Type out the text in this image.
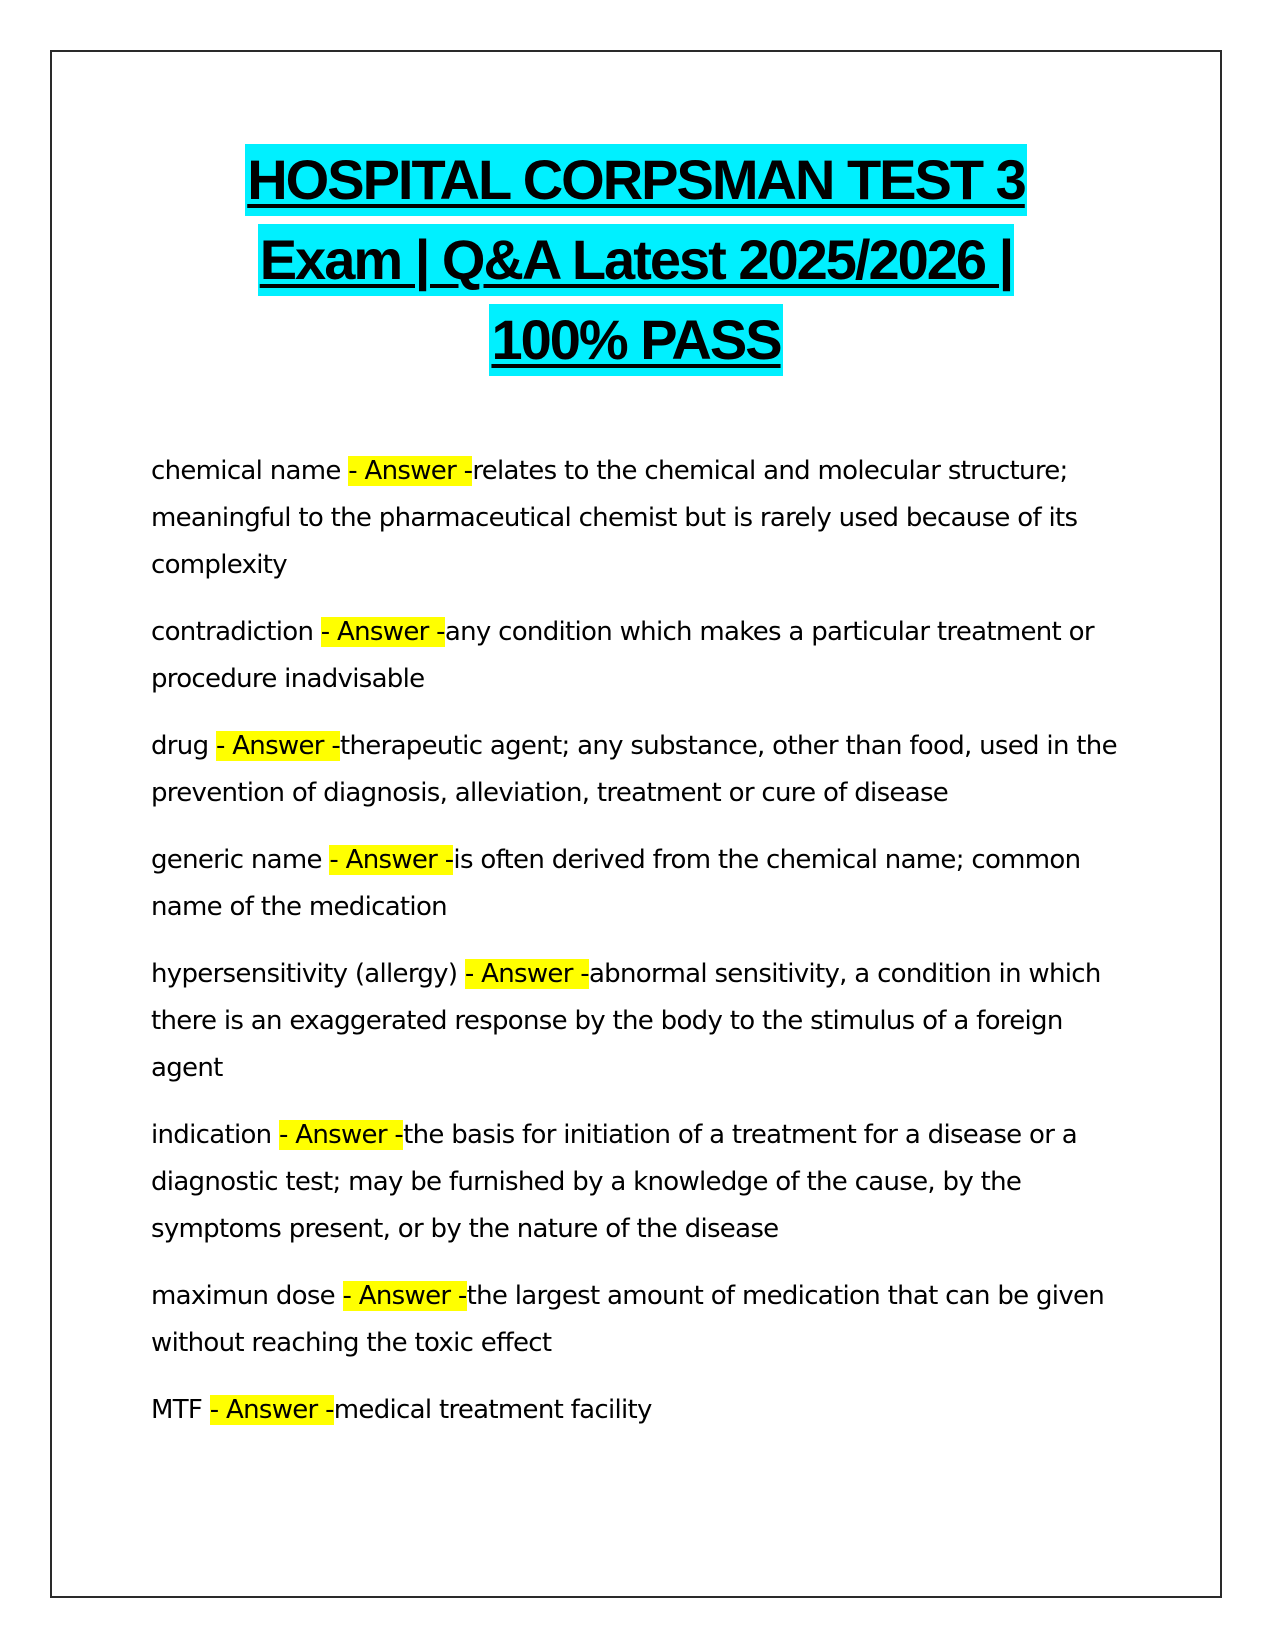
HOSPITAL CORPSMAN TEST 3
Exam | Q&A Latest 2025/2026 |
100% PASS

chemical name - Answer -relates to the chemical and molecular structure; meaningful to the pharmaceutical chemist but is rarely used because of its complexity

contradiction - Answer -any condition which makes a particular treatment or procedure inadvisable

drug - Answer -therapeutic agent; any substance, other than food, used in the prevention of diagnosis, alleviation, treatment or cure of disease

generic name - Answer -is often derived from the chemical name; common name of the medication

hypersensitivity (allergy) - Answer -abnormal sensitivity, a condition in which there is an exaggerated response by the body to the stimulus of a foreign agent

indication - Answer -the basis for initiation of a treatment for a disease or a diagnostic test; may be furnished by a knowledge of the cause, by the symptoms present, or by the nature of the disease

maximun dose - Answer -the largest amount of medication that can be given without reaching the toxic effect

MTF - Answer -medical treatment facility
